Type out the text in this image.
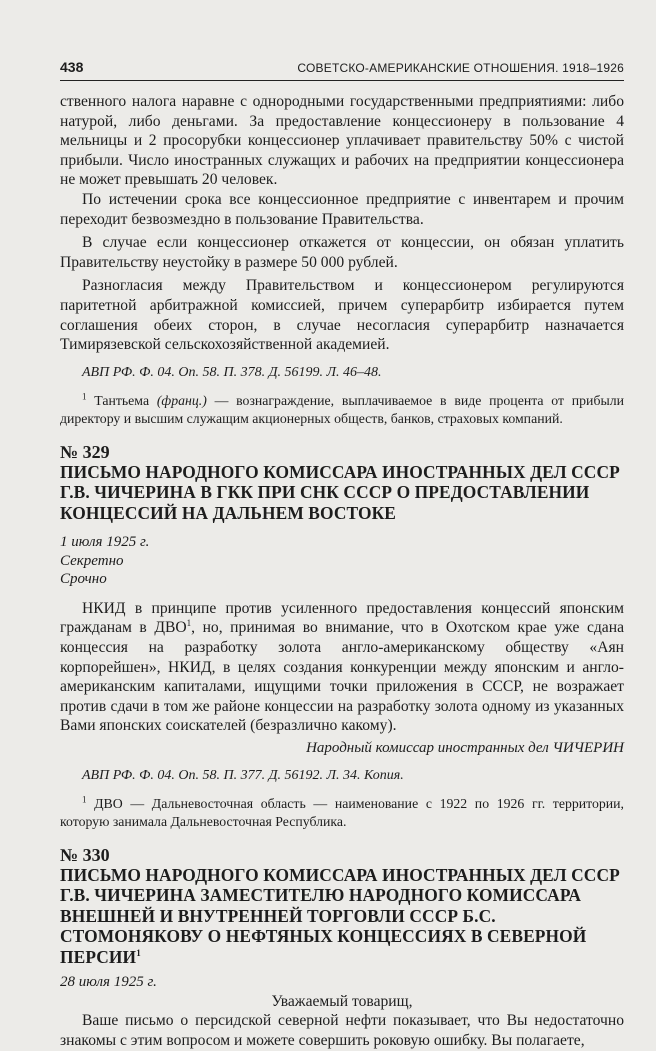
438	СОВЕТСКО-АМЕРИКАНСКИЕ ОТНОШЕНИЯ. 1918–1926

ственного налога наравне с однородными государственными предприятиями: либо натурой, либо деньгами. За предоставление концессионеру в пользование 4 мельницы и 2 просорубки концессионер уплачивает правительству 50% с чистой прибыли. Число иностранных служащих и рабочих на предприятии концессионера не может превышать 20 человек.

По истечении срока все концессионное предприятие с инвентарем и прочим переходит безвозмездно в пользование Правительства.

В случае если концессионер откажется от концессии, он обязан уплатить Правительству неустойку в размере 50 000 рублей.

Разногласия между Правительством и концессионером регулируются паритетной арбитражной комиссией, причем суперарбитр избирается путем соглашения обеих сторон, в случае несогласия суперарбитр назначается Тимирязевской сельскохозяйственной академией.

АВП РФ. Ф. 04. Оп. 58. П. 378. Д. 56199. Л. 46–48.

$^1$ Тантьема (франц.) — вознаграждение, выплачиваемое в виде процента от прибыли директору и высшим служащим акционерных обществ, банков, страховых компаний.

№ 329
ПИСЬМО НАРОДНОГО КОМИССАРА ИНОСТРАННЫХ ДЕЛ СССР Г.В. ЧИЧЕРИНА В ГКК ПРИ СНК СССР О ПРЕДОСТАВЛЕНИИ КОНЦЕССИЙ НА ДАЛЬНЕМ ВОСТОКЕ
1 июля 1925 г.
Секретно
Срочно

НКИД в принципе против усиленного предоставления концессий японским гражданам в ДВО$^1$, но, принимая во внимание, что в Охотском крае уже сдана концессия на разработку золота англо-американскому обществу «Аян корпорейшен», НКИД, в целях создания конкуренции между японским и англо-американским капиталами, ищущими точки приложения в СССР, не возражает против сдачи в том же районе концессии на разработку золота одному из указанных Вами японских соискателей (безразлично какому).

Народный комиссар иностранных дел ЧИЧЕРИН

АВП РФ. Ф. 04. Оп. 58. П. 377. Д. 56192. Л. 34. Копия.

$^1$ ДВО — Дальневосточная область — наименование с 1922 по 1926 гг. территории, которую занимала Дальневосточная Республика.

№ 330
ПИСЬМО НАРОДНОГО КОМИССАРА ИНОСТРАННЫХ ДЕЛ СССР Г.В. ЧИЧЕРИНА ЗАМЕСТИТЕЛЮ НАРОДНОГО КОМИССАРА ВНЕШНЕЙ И ВНУТРЕННЕЙ ТОРГОВЛИ СССР Б.С. СТОМОНЯКОВУ О НЕФТЯНЫХ КОНЦЕССИЯХ В СЕВЕРНОЙ ПЕРСИИ$^1$
28 июля 1925 г.

Уважаемый товарищ,

Ваше письмо о персидской северной нефти показывает, что Вы недостаточно знакомы с этим вопросом и можете совершить роковую ошибку. Вы полагаете,
